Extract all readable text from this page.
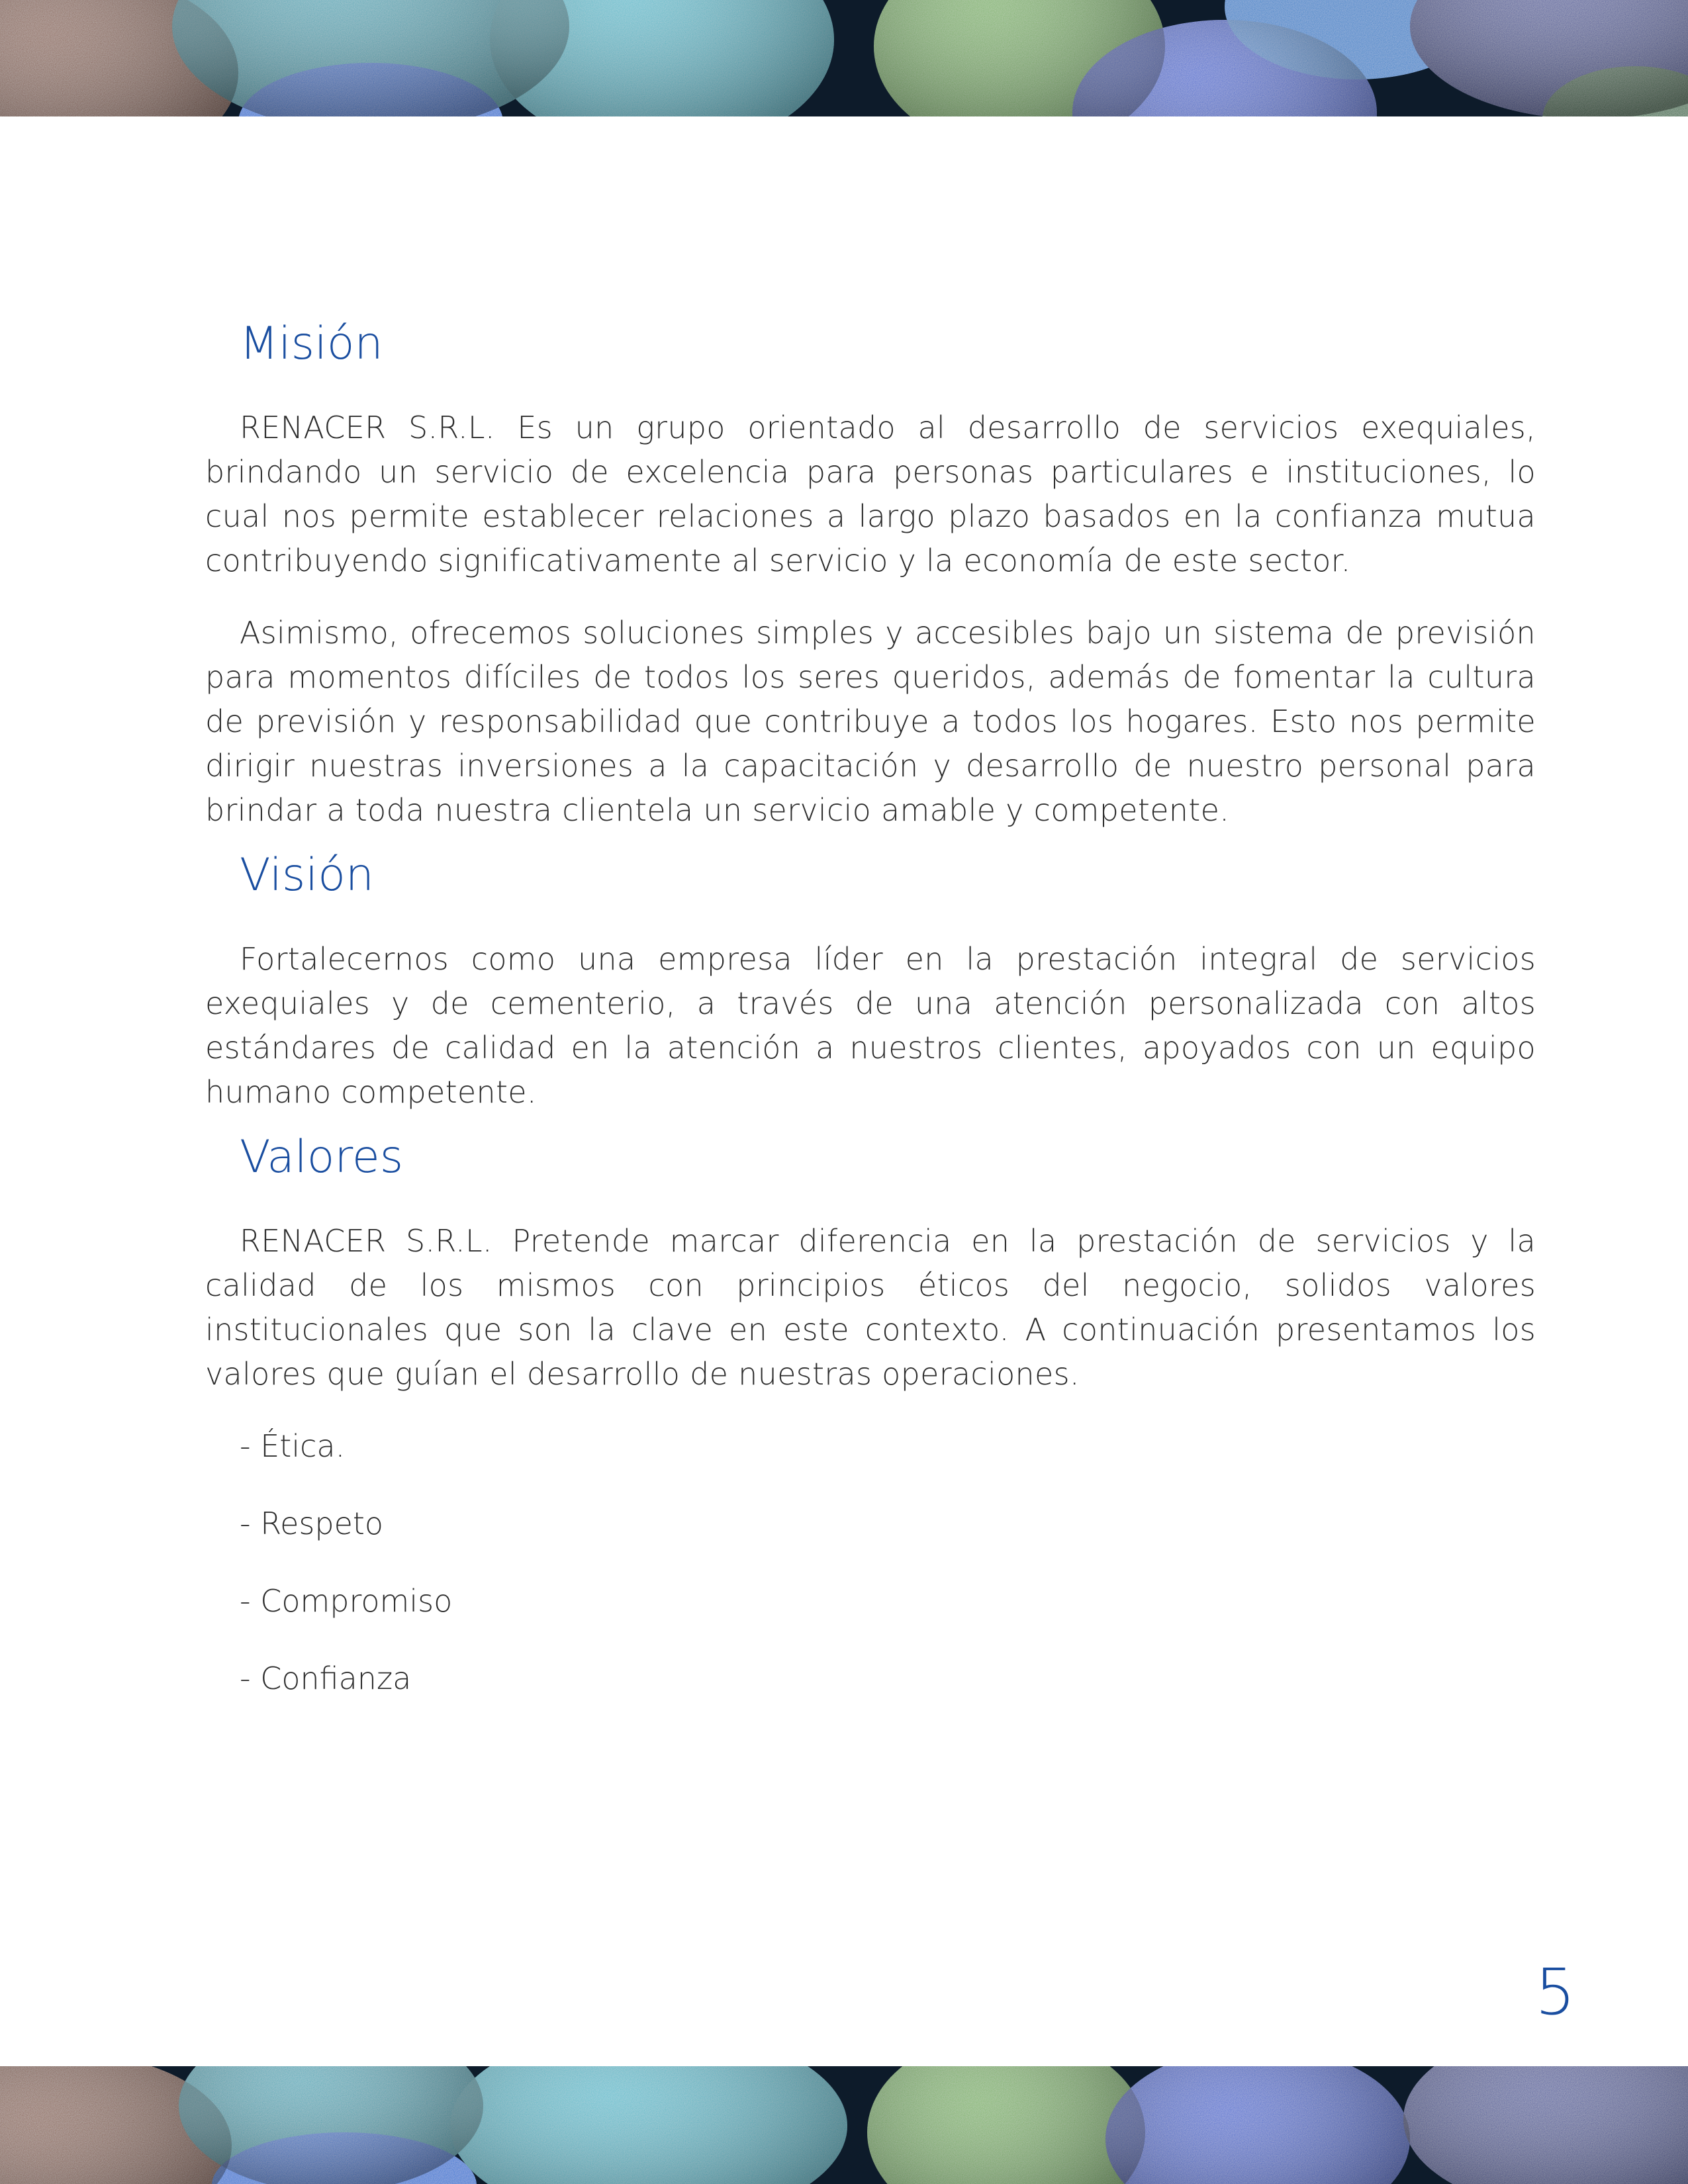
Misión

RENACER S.R.L. Es un grupo orientado al desarrollo de servicios exequiales, brindando un servicio de excelencia para personas particulares e instituciones, lo cual nos permite establecer relaciones a largo plazo basados en la confianza mutua contribuyendo significativamente al servicio y la economía de este sector.

Asimismo, ofrecemos soluciones simples y accesibles bajo un sistema de previsión para momentos difíciles de todos los seres queridos, además de fomentar la cultura de previsión y responsabilidad que contribuye a todos los hogares. Esto nos permite dirigir nuestras inversiones a la capacitación y desarrollo de nuestro personal para brindar a toda nuestra clientela un servicio amable y competente.

Visión

Fortalecernos como una empresa líder en la prestación integral de servicios exequiales y de cementerio, a través de una atención personalizada con altos estándares de calidad en la atención a nuestros clientes, apoyados con un equipo humano competente.

Valores

RENACER S.R.L. Pretende marcar diferencia en la prestación de servicios y la calidad de los mismos con principios éticos del negocio, solidos valores institucionales que son la clave en este contexto. A continuación presentamos los valores que guían el desarrollo de nuestras operaciones.

- Ética.
- Respeto
- Compromiso
- Confianza
5
